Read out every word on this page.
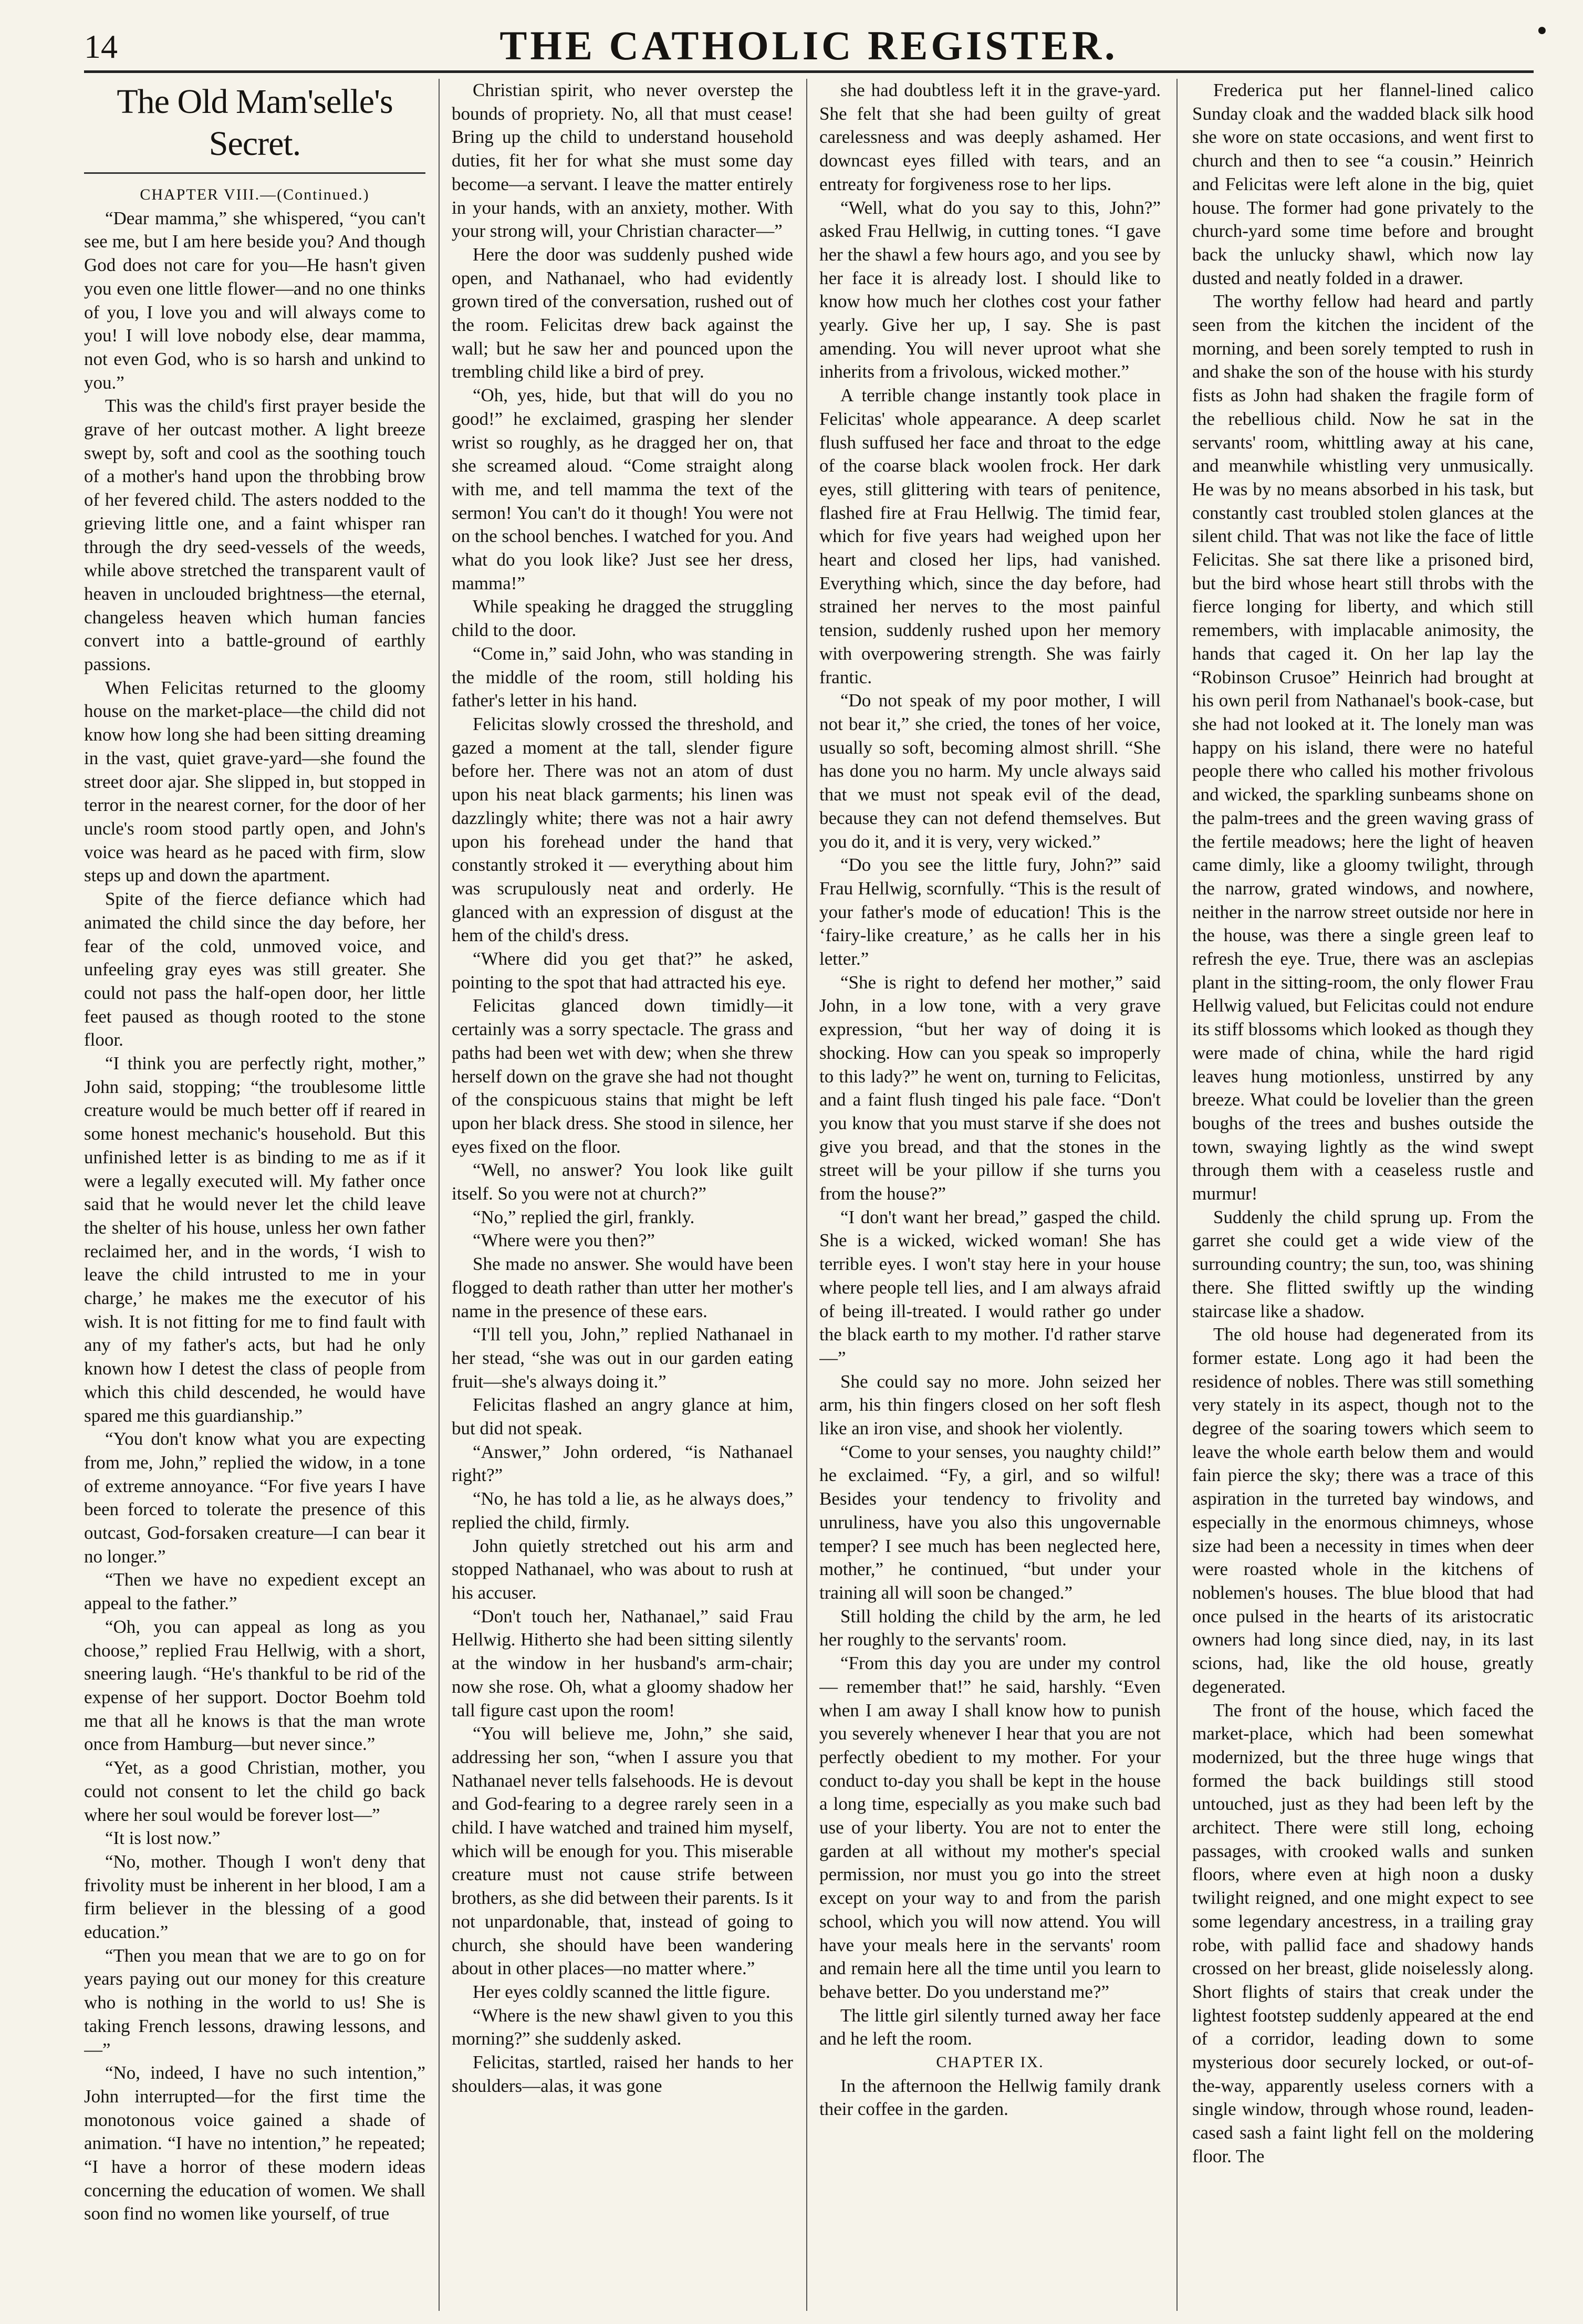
14	THE CATHOLIC REGISTER.	•
The Old Mam'selle's Secret.

CHAPTER VIII.—(Continued.)

“Dear mamma,” she whispered, “you can't see me, but I am here beside you? And though God does not care for you—He hasn't given you even one little flower—and no one thinks of you, I love you and will always come to you! I will love nobody else, dear mamma, not even God, who is so harsh and unkind to you.”

This was the child's first prayer beside the grave of her outcast mother. A light breeze swept by, soft and cool as the soothing touch of a mother's hand upon the throbbing brow of her fevered child. The asters nodded to the grieving little one, and a faint whisper ran through the dry seed-vessels of the weeds, while above stretched the transparent vault of heaven in unclouded brightness—the eternal, changeless heaven which human fancies convert into a battle-ground of earthly passions.

When Felicitas returned to the gloomy house on the market-place—the child did not know how long she had been sitting dreaming in the vast, quiet grave-yard—she found the street door ajar. She slipped in, but stopped in terror in the nearest corner, for the door of her uncle's room stood partly open, and John's voice was heard as he paced with firm, slow steps up and down the apartment.

Spite of the fierce defiance which had animated the child since the day before, her fear of the cold, unmoved voice, and unfeeling gray eyes was still greater. She could not pass the half-open door, her little feet paused as though rooted to the stone floor.

“I think you are perfectly right, mother,” John said, stopping; “the troublesome little creature would be much better off if reared in some honest mechanic's household. But this unfinished letter is as binding to me as if it were a legally executed will. My father once said that he would never let the child leave the shelter of his house, unless her own father reclaimed her, and in the words, ‘I wish to leave the child intrusted to me in your charge,’ he makes me the executor of his wish. It is not fitting for me to find fault with any of my father's acts, but had he only known how I detest the class of people from which this child descended, he would have spared me this guardianship.”

“You don't know what you are expecting from me, John,” replied the widow, in a tone of extreme annoyance. “For five years I have been forced to tolerate the presence of this outcast, God-forsaken creature—I can bear it no longer.”

“Then we have no expedient except an appeal to the father.”

“Oh, you can appeal as long as you choose,” replied Frau Hellwig, with a short, sneering laugh. “He's thankful to be rid of the expense of her support. Doctor Boehm told me that all he knows is that the man wrote once from Hamburg—but never since.”

“Yet, as a good Christian, mother, you could not consent to let the child go back where her soul would be forever lost—”

“It is lost now.”

“No, mother. Though I won't deny that frivolity must be inherent in her blood, I am a firm believer in the blessing of a good education.”

“Then you mean that we are to go on for years paying out our money for this creature who is nothing in the world to us! She is taking French lessons, drawing lessons, and—”

“No, indeed, I have no such intention,” John interrupted—for the first time the monotonous voice gained a shade of animation. “I have no intention,” he repeated; “I have a horror of these modern ideas concerning the education of women. We shall soon find no women like yourself, of true

Christian spirit, who never overstep the bounds of propriety. No, all that must cease! Bring up the child to understand household duties, fit her for what she must some day become—a servant. I leave the matter entirely in your hands, with an anxiety, mother. With your strong will, your Christian character—”

Here the door was suddenly pushed wide open, and Nathanael, who had evidently grown tired of the conversation, rushed out of the room. Felicitas drew back against the wall; but he saw her and pounced upon the trembling child like a bird of prey.

“Oh, yes, hide, but that will do you no good!” he exclaimed, grasping her slender wrist so roughly, as he dragged her on, that she screamed aloud. “Come straight along with me, and tell mamma the text of the sermon! You can't do it though! You were not on the school benches. I watched for you. And what do you look like? Just see her dress, mamma!”

While speaking he dragged the struggling child to the door.

“Come in,” said John, who was standing in the middle of the room, still holding his father's letter in his hand.

Felicitas slowly crossed the threshold, and gazed a moment at the tall, slender figure before her. There was not an atom of dust upon his neat black garments; his linen was dazzlingly white; there was not a hair awry upon his forehead under the hand that constantly stroked it — everything about him was scrupulously neat and orderly. He glanced with an expression of disgust at the hem of the child's dress.

“Where did you get that?” he asked, pointing to the spot that had attracted his eye.

Felicitas glanced down timidly—it certainly was a sorry spectacle. The grass and paths had been wet with dew; when she threw herself down on the grave she had not thought of the conspicuous stains that might be left upon her black dress. She stood in silence, her eyes fixed on the floor.

“Well, no answer? You look like guilt itself. So you were not at church?”

“No,” replied the girl, frankly.

“Where were you then?”

She made no answer. She would have been flogged to death rather than utter her mother's name in the presence of these ears.

“I'll tell you, John,” replied Nathanael in her stead, “she was out in our garden eating fruit—she's always doing it.”

Felicitas flashed an angry glance at him, but did not speak.

“Answer,” John ordered, “is Nathanael right?”

“No, he has told a lie, as he always does,” replied the child, firmly.

John quietly stretched out his arm and stopped Nathanael, who was about to rush at his accuser.

“Don't touch her, Nathanael,” said Frau Hellwig. Hitherto she had been sitting silently at the window in her husband's arm-chair; now she rose. Oh, what a gloomy shadow her tall figure cast upon the room!

“You will believe me, John,” she said, addressing her son, “when I assure you that Nathanael never tells falsehoods. He is devout and God-fearing to a degree rarely seen in a child. I have watched and trained him myself, which will be enough for you. This miserable creature must not cause strife between brothers, as she did between their parents. Is it not unpardonable, that, instead of going to church, she should have been wandering about in other places—no matter where.”

Her eyes coldly scanned the little figure.

“Where is the new shawl given to you this morning?” she suddenly asked.

Felicitas, startled, raised her hands to her shoulders—alas, it was gone

she had doubtless left it in the grave-yard. She felt that she had been guilty of great carelessness and was deeply ashamed. Her downcast eyes filled with tears, and an entreaty for forgiveness rose to her lips.

“Well, what do you say to this, John?” asked Frau Hellwig, in cutting tones. “I gave her the shawl a few hours ago, and you see by her face it is already lost. I should like to know how much her clothes cost your father yearly. Give her up, I say. She is past amending. You will never uproot what she inherits from a frivolous, wicked mother.”

A terrible change instantly took place in Felicitas' whole appearance. A deep scarlet flush suffused her face and throat to the edge of the coarse black woolen frock. Her dark eyes, still glittering with tears of penitence, flashed fire at Frau Hellwig. The timid fear, which for five years had weighed upon her heart and closed her lips, had vanished. Everything which, since the day before, had strained her nerves to the most painful tension, suddenly rushed upon her memory with overpowering strength. She was fairly frantic.

“Do not speak of my poor mother, I will not bear it,” she cried, the tones of her voice, usually so soft, becoming almost shrill. “She has done you no harm. My uncle always said that we must not speak evil of the dead, because they can not defend themselves. But you do it, and it is very, very wicked.”

“Do you see the little fury, John?” said Frau Hellwig, scornfully. “This is the result of your father's mode of education! This is the ‘fairy-like creature,’ as he calls her in his letter.”

“She is right to defend her mother,” said John, in a low tone, with a very grave expression, “but her way of doing it is shocking. How can you speak so improperly to this lady?” he went on, turning to Felicitas, and a faint flush tinged his pale face. “Don't you know that you must starve if she does not give you bread, and that the stones in the street will be your pillow if she turns you from the house?”

“I don't want her bread,” gasped the child. She is a wicked, wicked woman! She has terrible eyes. I won't stay here in your house where people tell lies, and I am always afraid of being ill-treated. I would rather go under the black earth to my mother. I'd rather starve —”

She could say no more. John seized her arm, his thin fingers closed on her soft flesh like an iron vise, and shook her violently.

“Come to your senses, you naughty child!” he exclaimed. “Fy, a girl, and so wilful! Besides your tendency to frivolity and unruliness, have you also this ungovernable temper? I see much has been neglected here, mother,” he continued, “but under your training all will soon be changed.”

Still holding the child by the arm, he led her roughly to the servants' room.

“From this day you are under my control — remember that!” he said, harshly. “Even when I am away I shall know how to punish you severely whenever I hear that you are not perfectly obedient to my mother. For your conduct to-day you shall be kept in the house a long time, especially as you make such bad use of your liberty. You are not to enter the garden at all without my mother's special permission, nor must you go into the street except on your way to and from the parish school, which you will now attend. You will have your meals here in the servants' room and remain here all the time until you learn to behave better. Do you understand me?”

The little girl silently turned away her face and he left the room.

CHAPTER IX.

In the afternoon the Hellwig family drank their coffee in the garden.

Frederica put her flannel-lined calico Sunday cloak and the wadded black silk hood she wore on state occasions, and went first to church and then to see “a cousin.” Heinrich and Felicitas were left alone in the big, quiet house. The former had gone privately to the church-yard some time before and brought back the unlucky shawl, which now lay dusted and neatly folded in a drawer.

The worthy fellow had heard and partly seen from the kitchen the incident of the morning, and been sorely tempted to rush in and shake the son of the house with his sturdy fists as John had shaken the fragile form of the rebellious child. Now he sat in the servants' room, whittling away at his cane, and meanwhile whistling very unmusically. He was by no means absorbed in his task, but constantly cast troubled stolen glances at the silent child. That was not like the face of little Felicitas. She sat there like a prisoned bird, but the bird whose heart still throbs with the fierce longing for liberty, and which still remembers, with implacable animosity, the hands that caged it. On her lap lay the “Robinson Crusoe” Heinrich had brought at his own peril from Nathanael's book-case, but she had not looked at it. The lonely man was happy on his island, there were no hateful people there who called his mother frivolous and wicked, the sparkling sunbeams shone on the palm-trees and the green waving grass of the fertile meadows; here the light of heaven came dimly, like a gloomy twilight, through the narrow, grated windows, and nowhere, neither in the narrow street outside nor here in the house, was there a single green leaf to refresh the eye. True, there was an asclepias plant in the sitting-room, the only flower Frau Hellwig valued, but Felicitas could not endure its stiff blossoms which looked as though they were made of china, while the hard rigid leaves hung motionless, unstirred by any breeze. What could be lovelier than the green boughs of the trees and bushes outside the town, swaying lightly as the wind swept through them with a ceaseless rustle and murmur!

Suddenly the child sprung up. From the garret she could get a wide view of the surrounding country; the sun, too, was shining there. She flitted swiftly up the winding staircase like a shadow.

The old house had degenerated from its former estate. Long ago it had been the residence of nobles. There was still something very stately in its aspect, though not to the degree of the soaring towers which seem to leave the whole earth below them and would fain pierce the sky; there was a trace of this aspiration in the turreted bay windows, and especially in the enormous chimneys, whose size had been a necessity in times when deer were roasted whole in the kitchens of noblemen's houses. The blue blood that had once pulsed in the hearts of its aristocratic owners had long since died, nay, in its last scions, had, like the old house, greatly degenerated.

The front of the house, which faced the market-place, which had been somewhat modernized, but the three huge wings that formed the back buildings still stood untouched, just as they had been left by the architect. There were still long, echoing passages, with crooked walls and sunken floors, where even at high noon a dusky twilight reigned, and one might expect to see some legendary ancestress, in a trailing gray robe, with pallid face and shadowy hands crossed on her breast, glide noiselessly along. Short flights of stairs that creak under the lightest footstep suddenly appeared at the end of a corridor, leading down to some mysterious door securely locked, or out-of-the-way, apparently useless corners with a single window, through whose round, leaden-cased sash a faint light fell on the moldering floor. The
